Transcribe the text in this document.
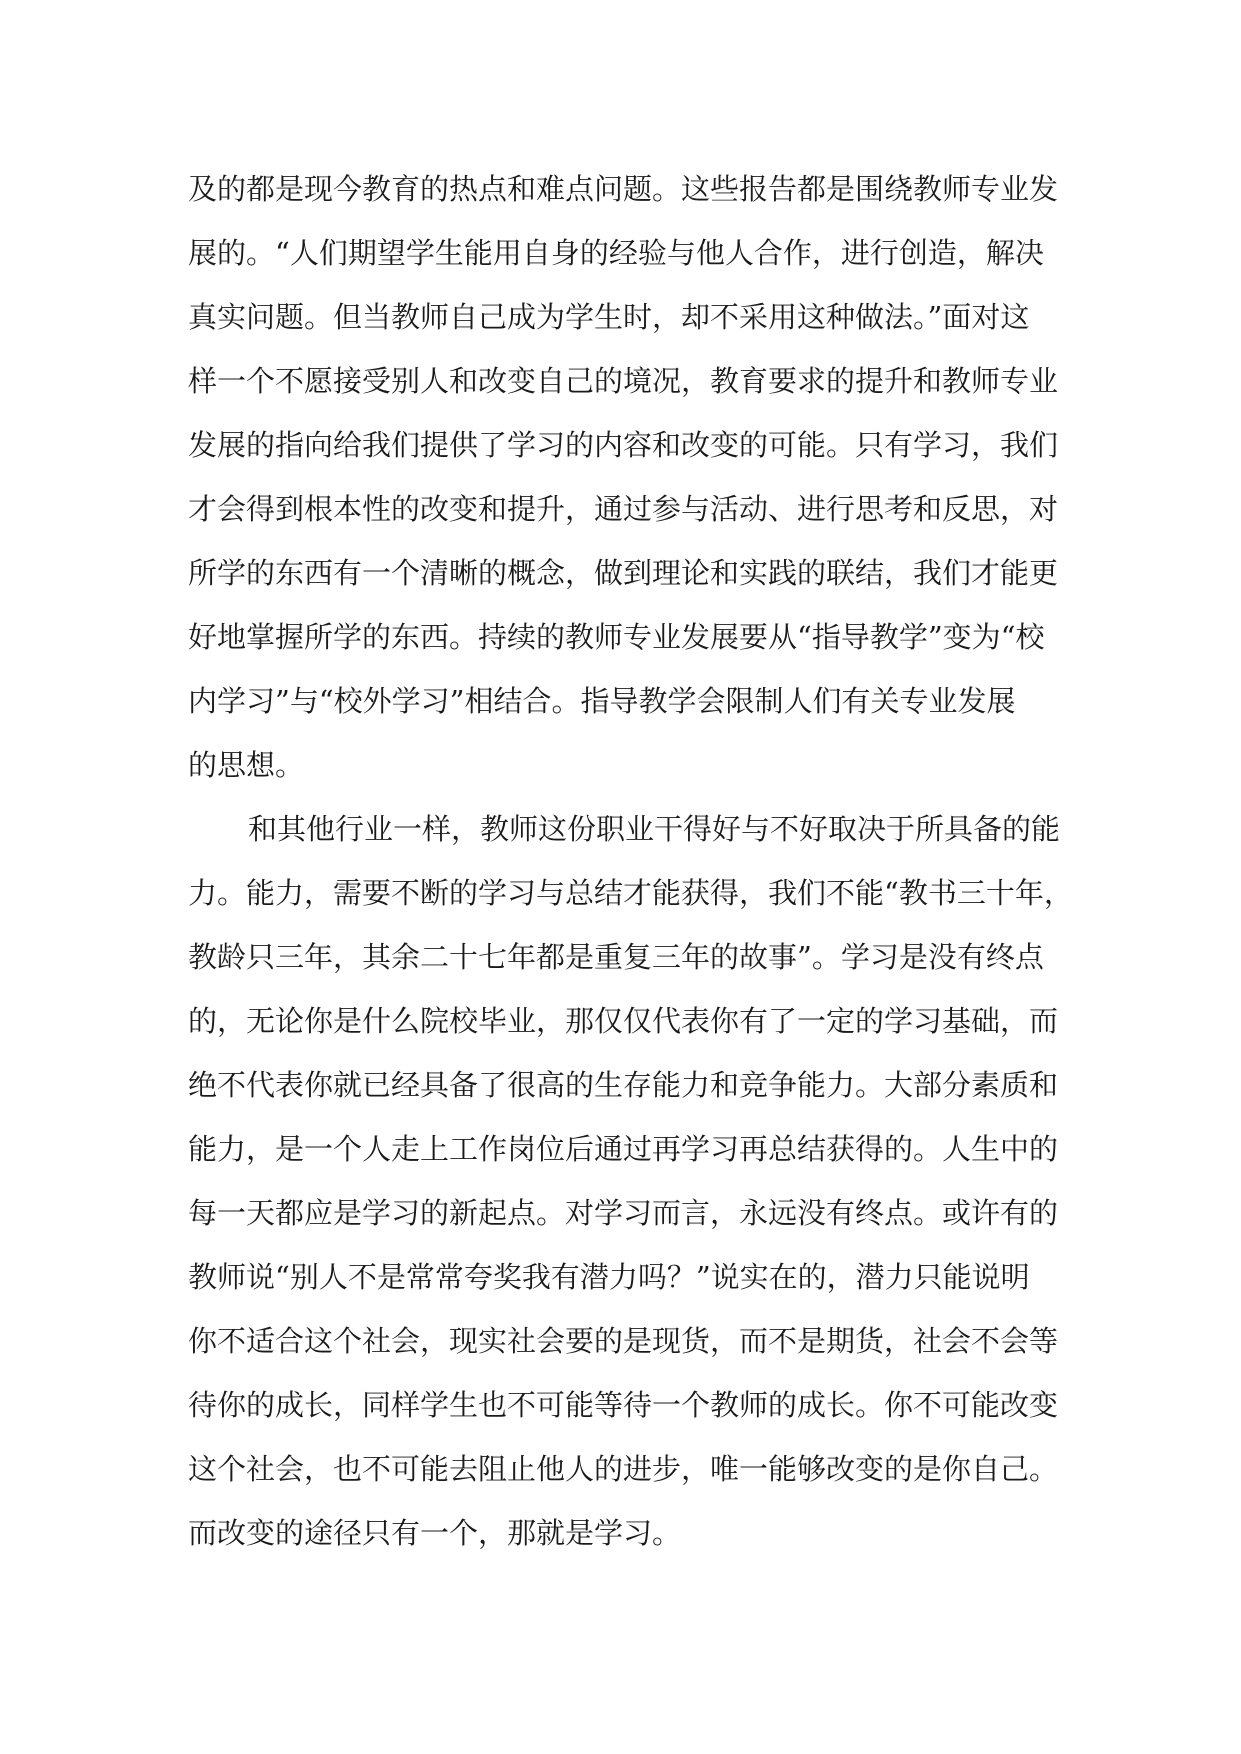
及的都是现今教育的热点和难点问题。这些报告都是围绕教师专业发
展的。“人们期望学生能用自身的经验与他人合作，进行创造，解决
真实问题。但当教师自己成为学生时，却不采用这种做法。”面对这
样一个不愿接受别人和改变自己的境况，教育要求的提升和教师专业
发展的指向给我们提供了学习的内容和改变的可能。只有学习，我们
才会得到根本性的改变和提升，通过参与活动、进行思考和反思，对
所学的东西有一个清晰的概念，做到理论和实践的联结，我们才能更
好地掌握所学的东西。持续的教师专业发展要从“指导教学”变为“校
内学习”与“校外学习”相结合。指导教学会限制人们有关专业发展
的思想。
和其他行业一样，教师这份职业干得好与不好取决于所具备的能
力。能力，需要不断的学习与总结才能获得，我们不能“教书三十年，
教龄只三年，其余二十七年都是重复三年的故事”。学习是没有终点
的，无论你是什么院校毕业，那仅仅代表你有了一定的学习基础，而
绝不代表你就已经具备了很高的生存能力和竞争能力。大部分素质和
能力，是一个人走上工作岗位后通过再学习再总结获得的。人生中的
每一天都应是学习的新起点。对学习而言，永远没有终点。或许有的
教师说“别人不是常常夸奖我有潜力吗？”说实在的，潜力只能说明
你不适合这个社会，现实社会要的是现货，而不是期货，社会不会等
待你的成长，同样学生也不可能等待一个教师的成长。你不可能改变
这个社会，也不可能去阻止他人的进步，唯一能够改变的是你自己。
而改变的途径只有一个，那就是学习。
